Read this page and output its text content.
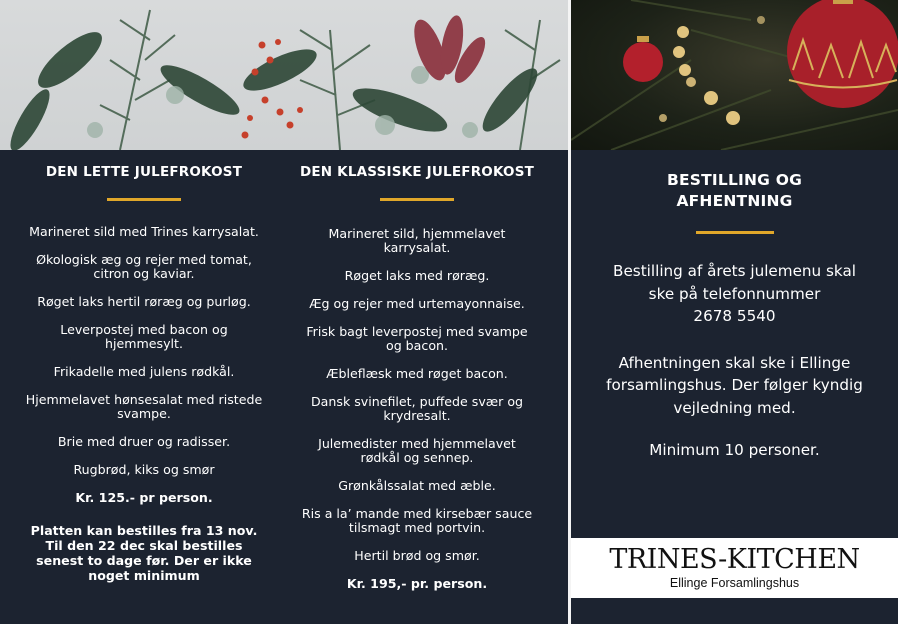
DEN LETTE JULEFROKOST
Marineret sild med Trines karrysalat.
Økologisk æg og rejer med tomat, citron og kaviar.
Røget laks hertil røræg og purløg.
Leverpostej med bacon og hjemmesylt.
Frikadelle med julens rødkål.
Hjemmelavet hønsesalat med ristede svampe.
Brie med druer og radisser.
Rugbrød, kiks og smør
Kr. 125.- pr person.
Platten kan bestilles fra 13 nov. Til den 22 dec skal bestilles senest to dage før. Der er ikke noget minimum
DEN KLASSISKE JULEFROKOST
Marineret sild, hjemmelavet karrysalat.
Røget laks med røræg.
Æg og rejer med urtemayonnaise.
Frisk bagt leverpostej med svampe og bacon.
Æbleflæsk med røget bacon.
Dansk svinefilet, puffede svær og krydresalt.
Julemedister med hjemmelavet rødkål og sennep.
Grønkålssalat med æble.
Ris a la’ mande med kirsebær sauce tilsmagt med portvin.
Hertil brød og smør.
Kr. 195,- pr. person.
BESTILLING OG
AFHENTNING
Bestilling af årets julemenu skal ske på telefonnummer
2678 5540
Afhentningen skal ske i Ellinge forsamlingshus. Der følger kyndig vejledning med.
Minimum 10 personer.
TRINES-KITCHEN
Ellinge Forsamlingshus
